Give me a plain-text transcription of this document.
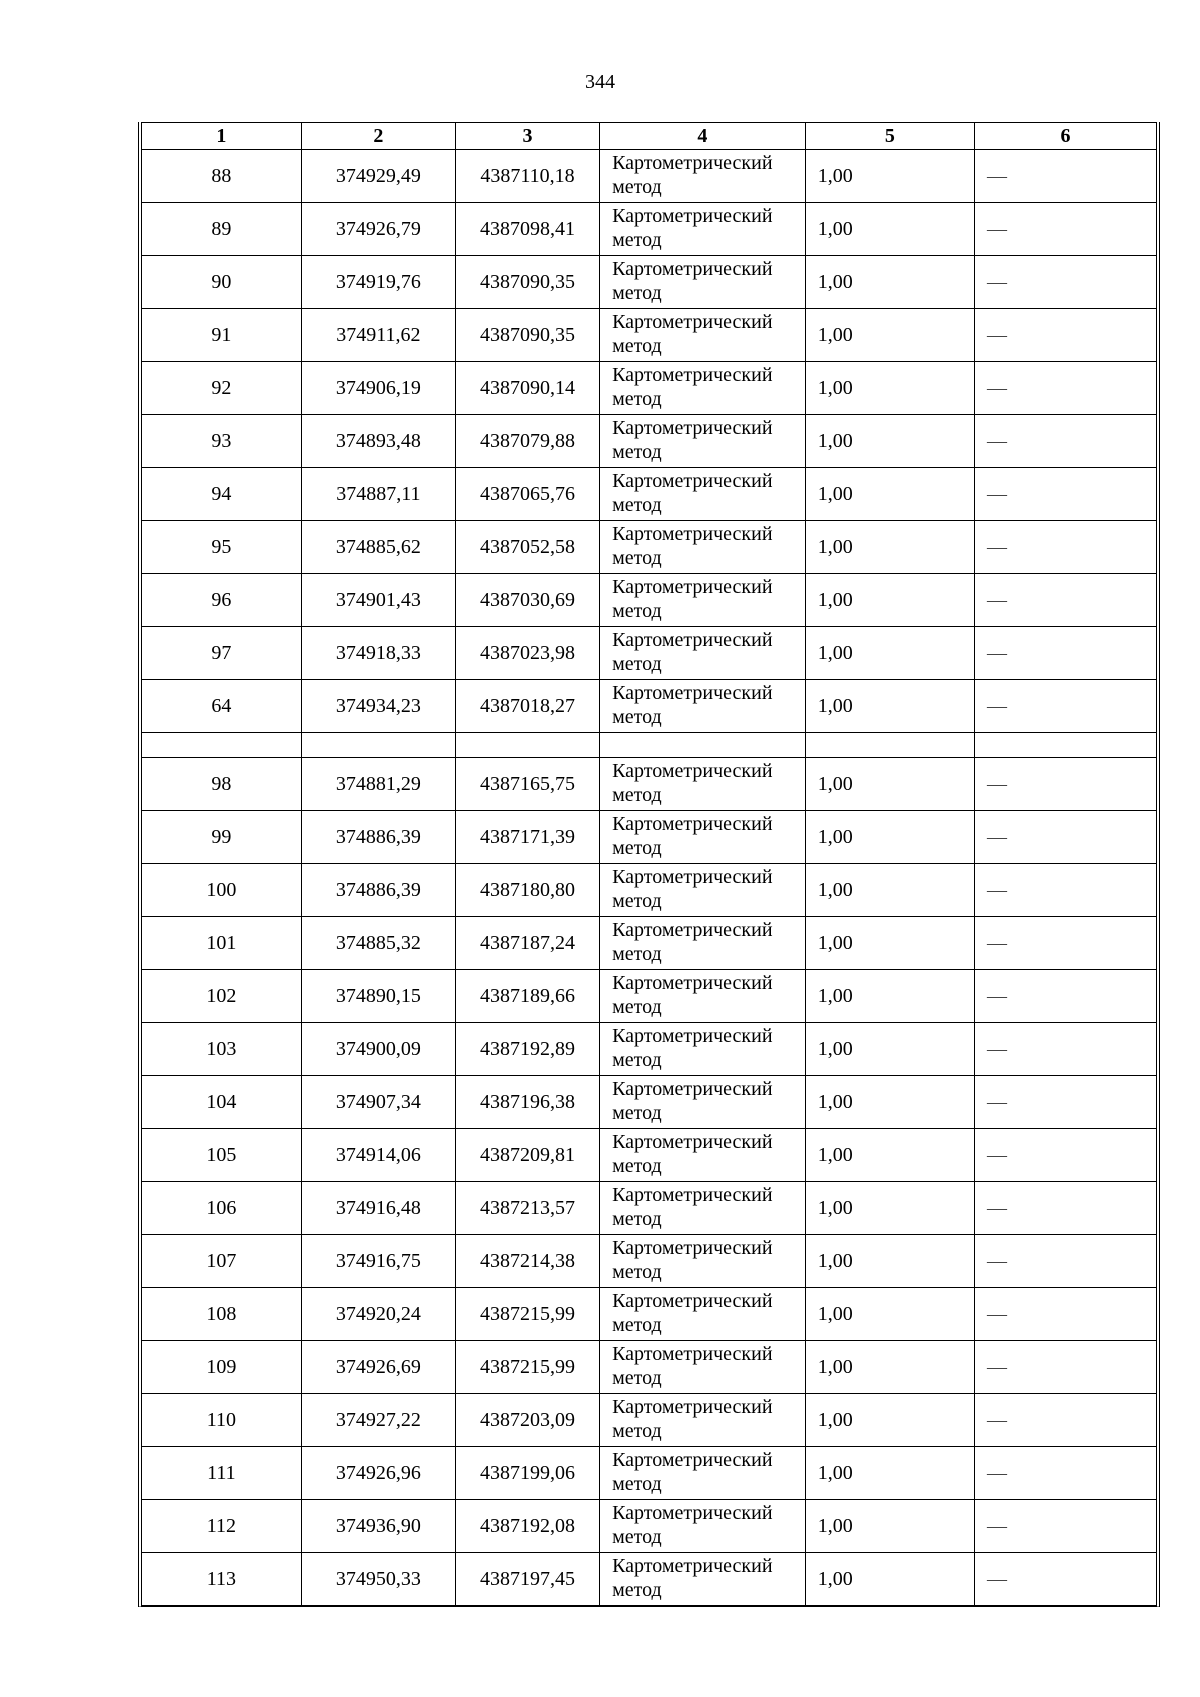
344
1	2	3	4	5	6
88	374929,49	4387110,18	Картометрический
метод	1,00	—
89	374926,79	4387098,41	Картометрический
метод	1,00	—
90	374919,76	4387090,35	Картометрический
метод	1,00	—
91	374911,62	4387090,35	Картометрический
метод	1,00	—
92	374906,19	4387090,14	Картометрический
метод	1,00	—
93	374893,48	4387079,88	Картометрический
метод	1,00	—
94	374887,11	4387065,76	Картометрический
метод	1,00	—
95	374885,62	4387052,58	Картометрический
метод	1,00	—
96	374901,43	4387030,69	Картометрический
метод	1,00	—
97	374918,33	4387023,98	Картометрический
метод	1,00	—
64	374934,23	4387018,27	Картометрический
метод	1,00	—

98	374881,29	4387165,75	Картометрический
метод	1,00	—
99	374886,39	4387171,39	Картометрический
метод	1,00	—
100	374886,39	4387180,80	Картометрический
метод	1,00	—
101	374885,32	4387187,24	Картометрический
метод	1,00	—
102	374890,15	4387189,66	Картометрический
метод	1,00	—
103	374900,09	4387192,89	Картометрический
метод	1,00	—
104	374907,34	4387196,38	Картометрический
метод	1,00	—
105	374914,06	4387209,81	Картометрический
метод	1,00	—
106	374916,48	4387213,57	Картометрический
метод	1,00	—
107	374916,75	4387214,38	Картометрический
метод	1,00	—
108	374920,24	4387215,99	Картометрический
метод	1,00	—
109	374926,69	4387215,99	Картометрический
метод	1,00	—
110	374927,22	4387203,09	Картометрический
метод	1,00	—
111	374926,96	4387199,06	Картометрический
метод	1,00	—
112	374936,90	4387192,08	Картометрический
метод	1,00	—
113	374950,33	4387197,45	Картометрический
метод	1,00	—
